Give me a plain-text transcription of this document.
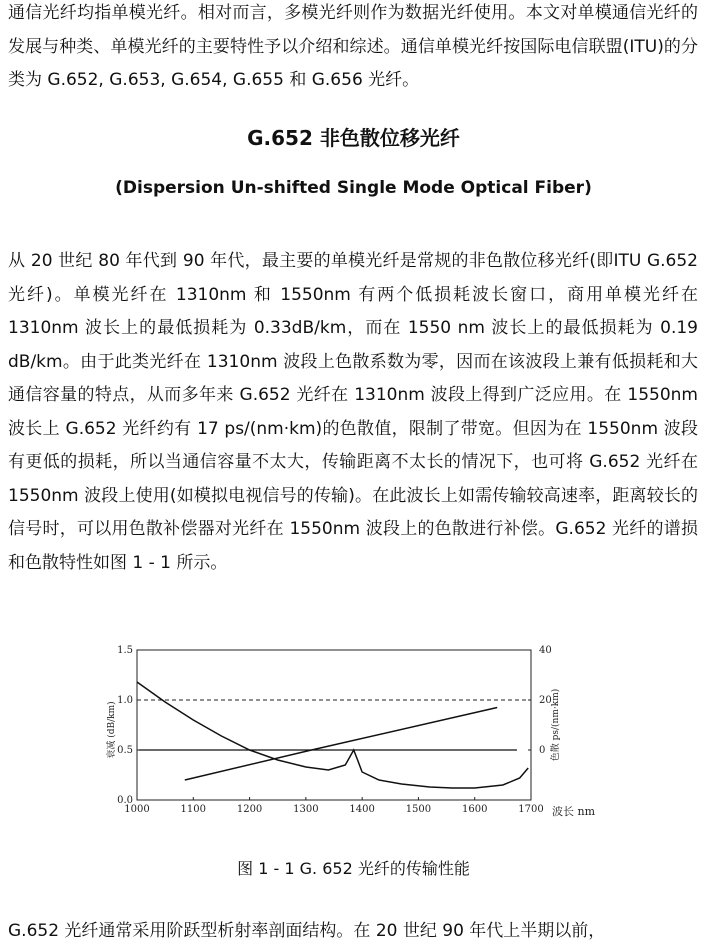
通信光纤均指单模光纤。相对而言，多模光纤则作为数据光纤使用。本文对单模通信光纤的发展与种类、单模光纤的主要特性予以介绍和综述。通信单模光纤按国际电信联盟(ITU)的分类为 G.652, G.653, G.654, G.655 和 G.656 光纤。

G.652 非色散位移光纤
(Dispersion Un-shifted Single Mode Optical Fiber)

从 20 世纪 80 年代到 90 年代，最主要的单模光纤是常规的非色散位移光纤(即ITU G.652 光纤)。单模光纤在 1310nm 和 1550nm 有两个低损耗波长窗口，商用单模光纤在 1310nm 波长上的最低损耗为 0.33dB/km，而在 1550 nm 波长上的最低损耗为 0.19 dB/km。由于此类光纤在 1310nm 波段上色散系数为零，因而在该波段上兼有低损耗和大通信容量的特点，从而多年来 G.652 光纤在 1310nm 波段上得到广泛应用。在 1550nm 波长上 G.652 光纤约有 17 ps/(nm·km)的色散值，限制了带宽。但因为在 1550nm 波段有更低的损耗，所以当通信容量不太大，传输距离不太长的情况下，也可将 G.652 光纤在 1550nm 波段上使用(如模拟电视信号的传输)。在此波长上如需传输较高速率，距离较长的信号时，可以用色散补偿器对光纤在 1550nm 波段上的色散进行补偿。G.652 光纤的谱损和色散特性如图 1 - 1 所示。

1000	1100	1200	1300	1400	1500	1600	1700
0.0
0.5
1.0
1.5
0
20
40
衰减 (dB/km)	色散 ps/(nm·km)
波长 nm

图 1 - 1 G. 652 光纤的传输性能

G.652 光纤通常采用阶跃型析射率剖面结构。在 20 世纪 90 年代上半期以前，
